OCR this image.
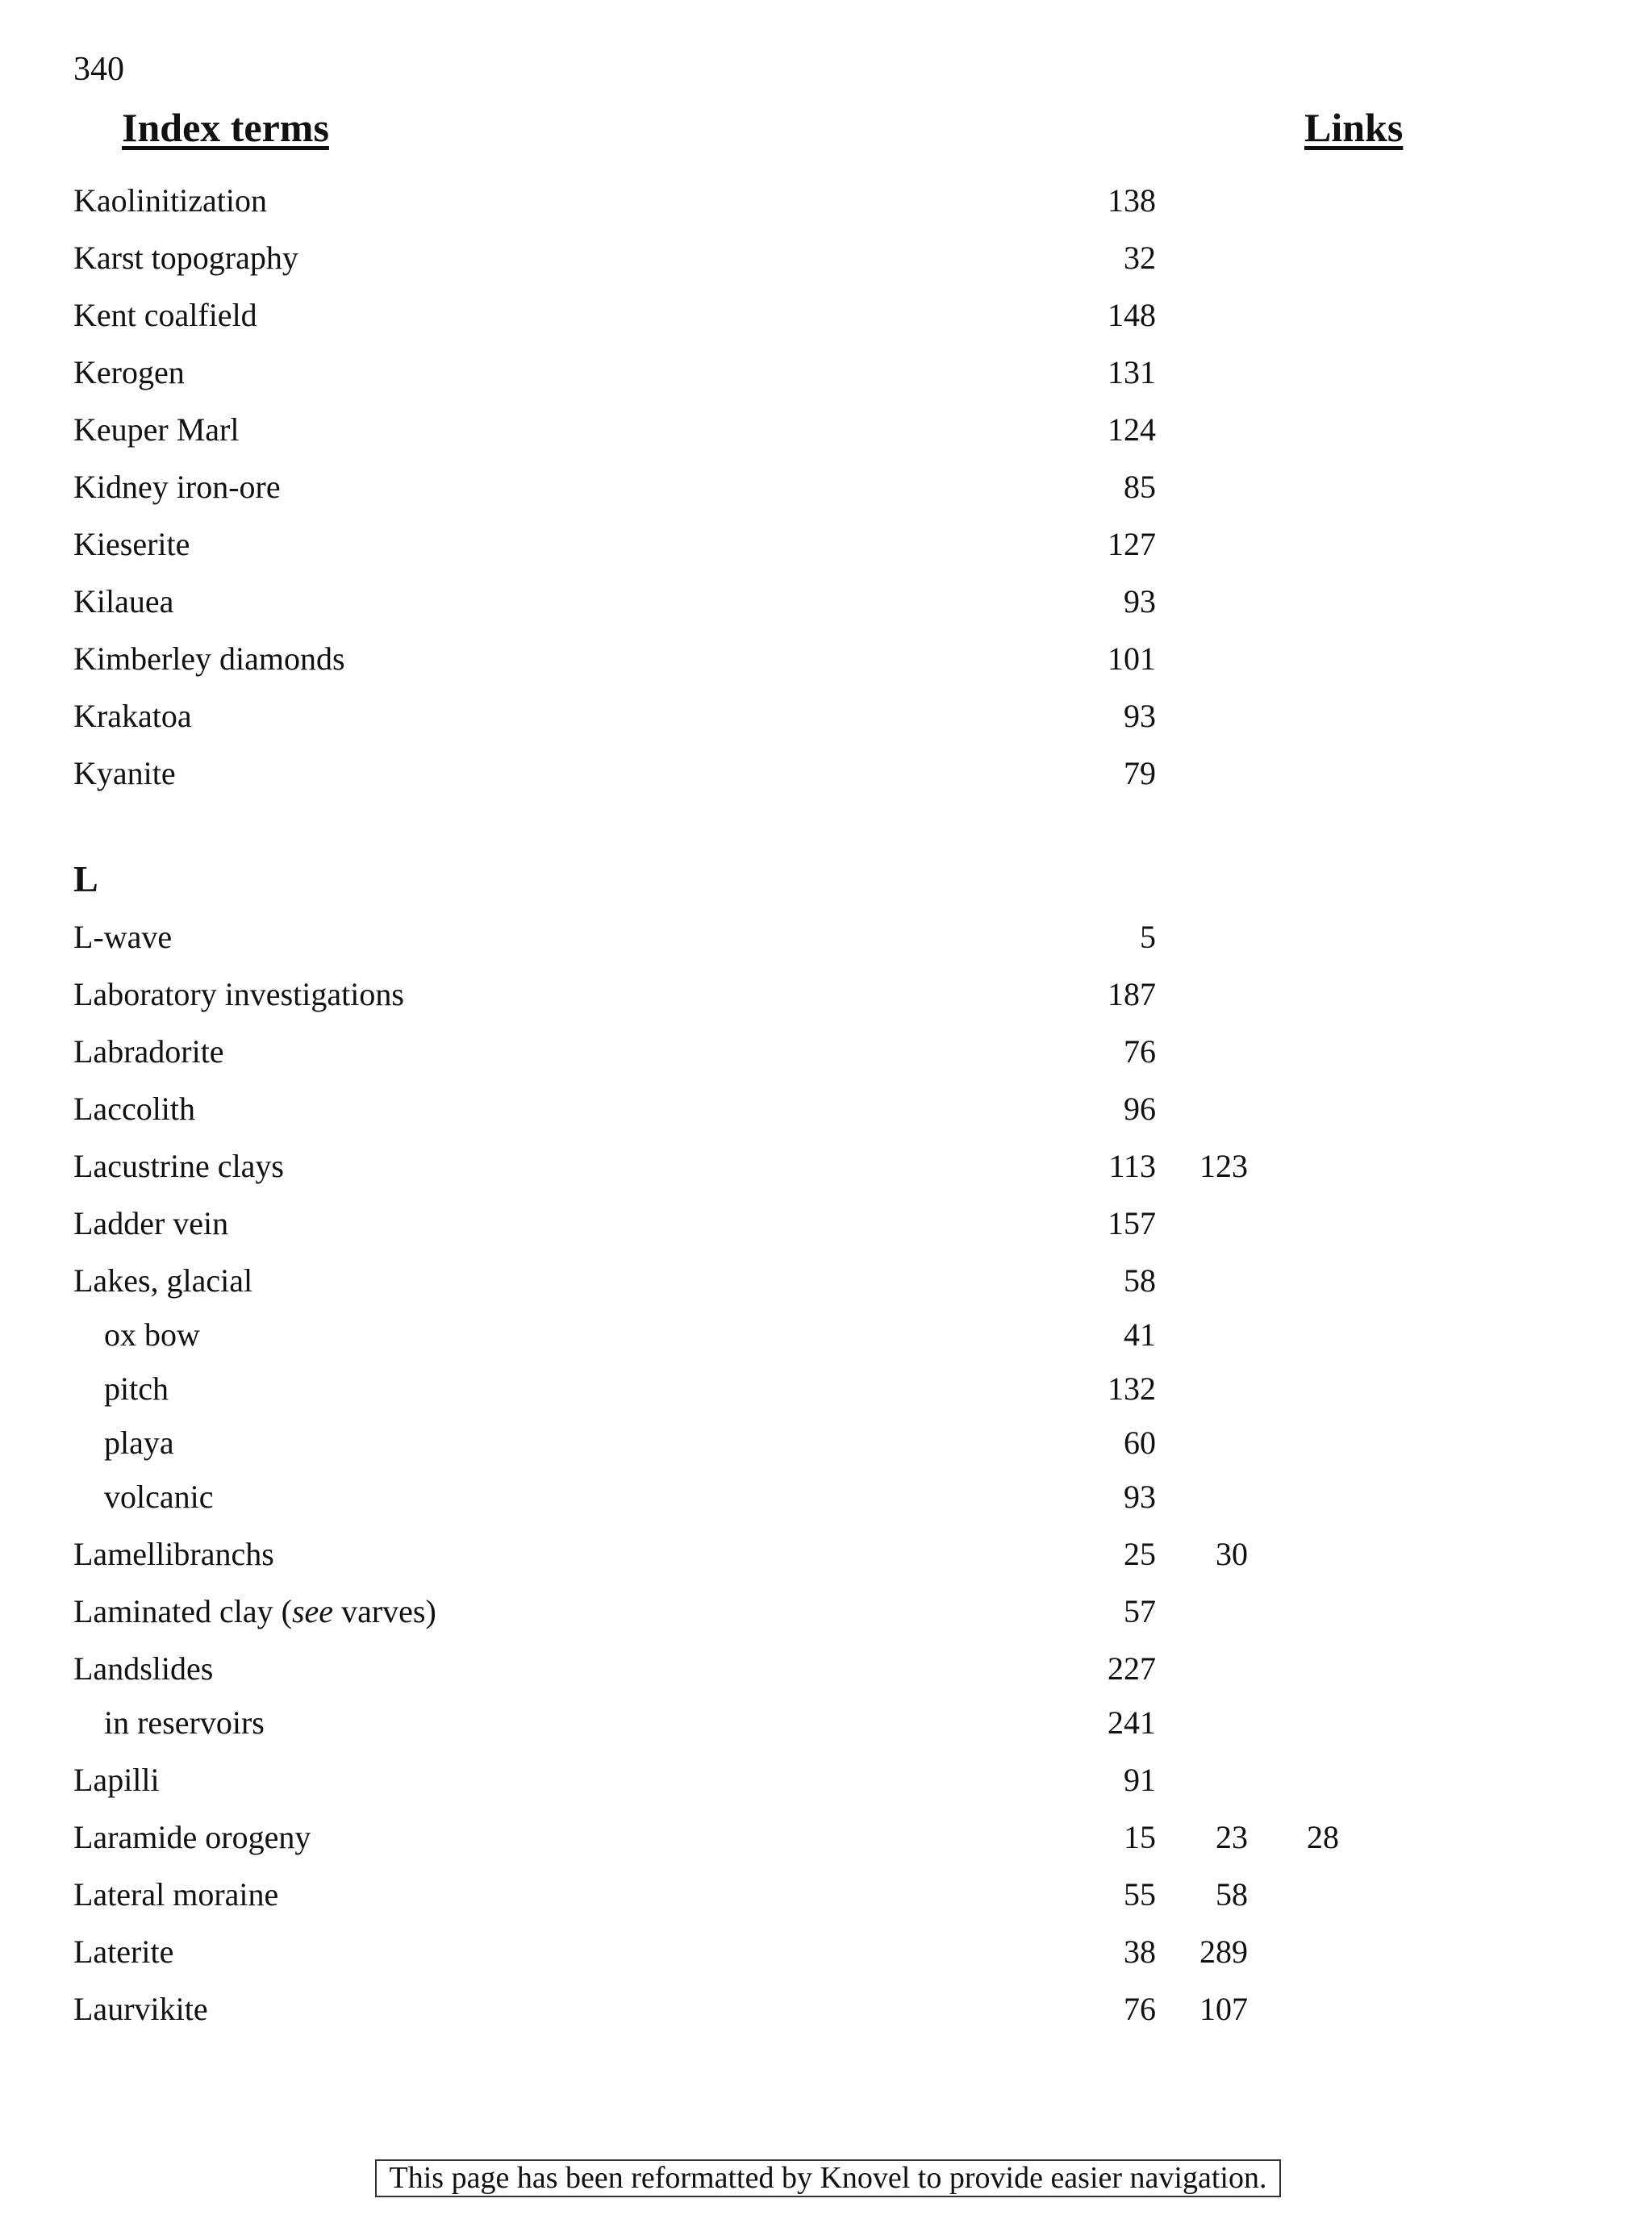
340
Index terms	Links
L
Kaolinitization	138
Karst topography	32
Kent coalfield	148
Kerogen	131
Keuper Marl	124
Kidney iron-ore	85
Kieserite	127
Kilauea	93
Kimberley diamonds	101
Krakatoa	93
Kyanite	79
L-wave	5
Laboratory investigations	187
Labradorite	76
Laccolith	96
Lacustrine clays	113	123
Ladder vein	157
Lakes, glacial	58
ox bow	41
pitch	132
playa	60
volcanic	93
Lamellibranchs	25	30
Laminated clay (see varves)	57
Landslides	227
in reservoirs	241
Lapilli	91
Laramide orogeny	15	23 28
Lateral moraine	55	58
Laterite	38	289
Laurvikite	76	107
This page has been reformatted by Knovel to provide easier navigation.
